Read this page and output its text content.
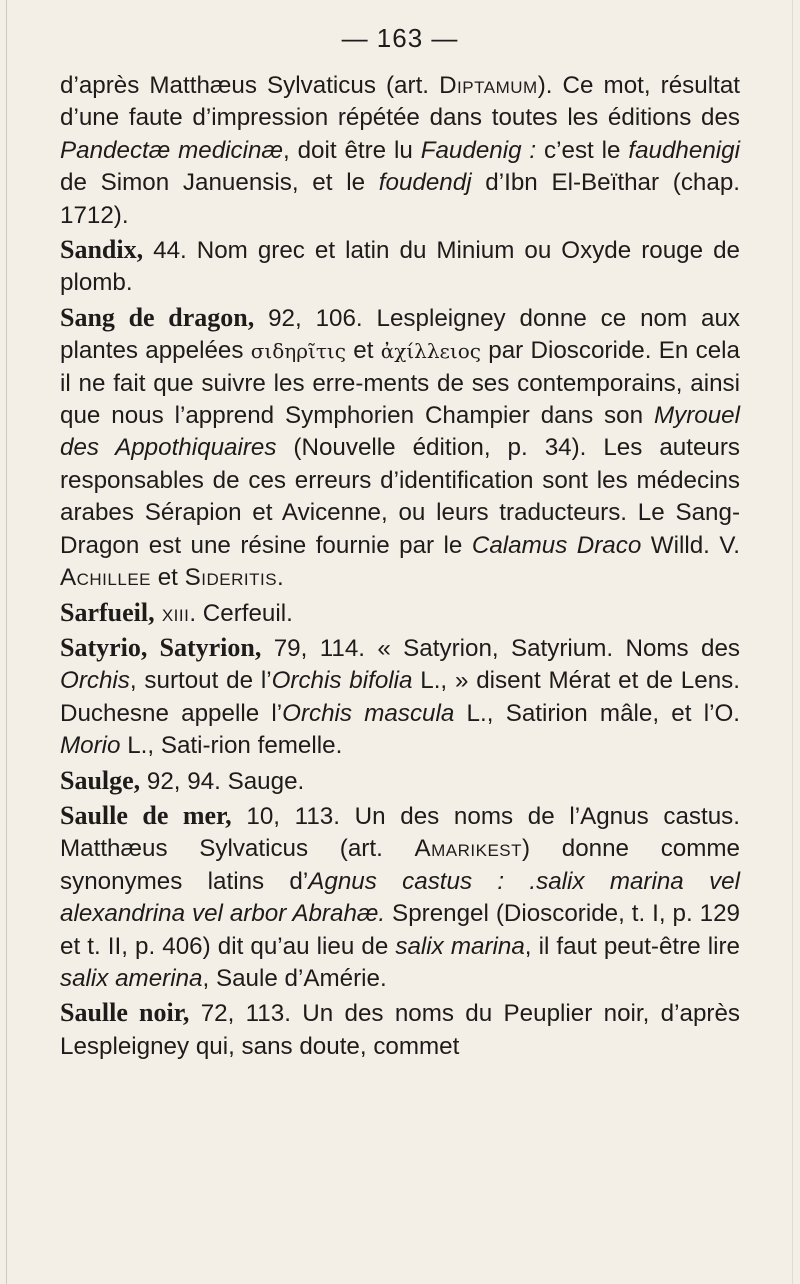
— 163 —

d’après Matthæus Sylvaticus (art. Diptamum). Ce mot, résultat d’une faute d’impression répétée dans toutes les éditions des Pandectæ medicinæ, doit être lu Faudenig : c’est le faudhenigi de Simon Januensis, et le foudendj d’Ibn El-Beïthar (chap. 1712).

Sandix, 44. Nom grec et latin du Minium ou Oxyde rouge de plomb.

Sang de dragon, 92, 106. Lespleigney donne ce nom aux plantes appelées σιδηρῖτις et ἀχίλλειος par Dioscoride. En cela il ne fait que suivre les erre-ments de ses contemporains, ainsi que nous l’apprend Symphorien Champier dans son Myrouel des Appothiquaires (Nouvelle édition, p. 34). Les auteurs responsables de ces erreurs d’identification sont les médecins arabes Sérapion et Avicenne, ou leurs traducteurs. Le Sang-Dragon est une résine fournie par le Calamus Draco Willd. V. Achillee et Sideritis.

Sarfueil, xiii. Cerfeuil.

Satyrio, Satyrion, 79, 114. « Satyrion, Satyrium. Noms des Orchis, surtout de l’Orchis bifolia L., » disent Mérat et de Lens. Duchesne appelle l’Orchis mascula L., Satirion mâle, et l’O. Morio L., Sati-rion femelle.

Saulge, 92, 94. Sauge.

Saulle de mer, 10, 113. Un des noms de l’Agnus castus. Matthæus Sylvaticus (art. Amarikest) donne comme synonymes latins d’Agnus castus : .salix marina vel alexandrina vel arbor Abrahæ. Sprengel (Dioscoride, t. I, p. 129 et t. II, p. 406) dit qu’au lieu de salix marina, il faut peut-être lire salix amerina, Saule d’Amérie.

Saulle noir, 72, 113. Un des noms du Peuplier noir, d’après Lespleigney qui, sans doute, commet
